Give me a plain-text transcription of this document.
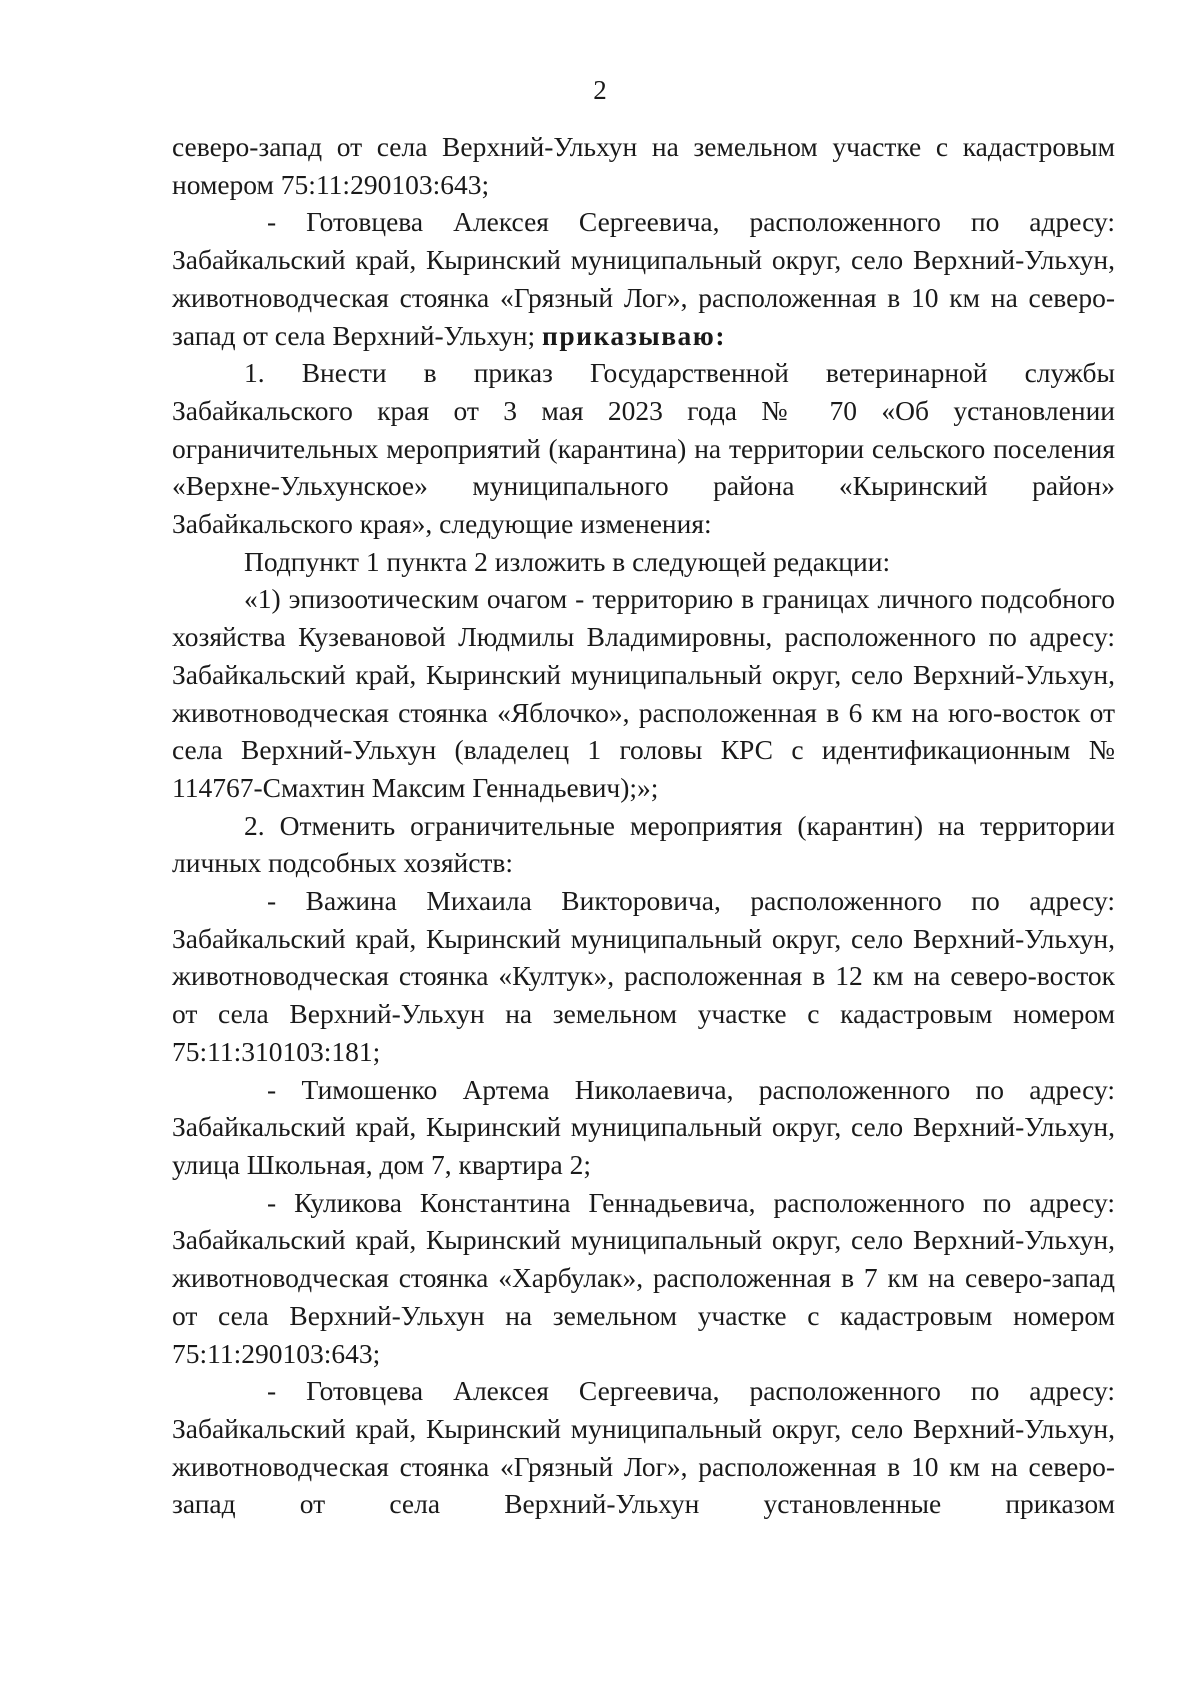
2

северо-запад от села Верхний-Ульхун на земельном участке с кадастровым номером 75:11:290103:643;

- Готовцева Алексея Сергеевича, расположенного по адресу: Забайкальский край, Кыринский муниципальный округ, село Верхний-Ульхун, животноводческая стоянка «Грязный Лог», расположенная в 10 км на северо-запад от села Верхний-Ульхун; приказываю:

1. Внести в приказ Государственной ветеринарной службы Забайкальского края от 3 мая 2023 года № 70 «Об установлении ограничительных мероприятий (карантина) на территории сельского поселения «Верхне-Ульхунское» муниципального района «Кыринский район» Забайкальского края», следующие изменения:

Подпункт 1 пункта 2 изложить в следующей редакции:

«1) эпизоотическим очагом - территорию в границах личного подсобного хозяйства Кузевановой Людмилы Владимировны, расположенного по адресу: Забайкальский край, Кыринский муниципальный округ, село Верхний-Ульхун, животноводческая стоянка «Яблочко», расположенная в 6 км на юго-восток от села Верхний-Ульхун (владелец 1 головы КРС с идентификационным № 114767-Смахтин Максим Геннадьевич);»;

2. Отменить ограничительные мероприятия (карантин) на территории личных подсобных хозяйств:

- Важина Михаила Викторовича, расположенного по адресу: Забайкальский край, Кыринский муниципальный округ, село Верхний-Ульхун, животноводческая стоянка «Култук», расположенная в 12 км на северо-восток от села Верхний-Ульхун на земельном участке с кадастровым номером 75:11:310103:181;

- Тимошенко Артема Николаевича, расположенного по адресу: Забайкальский край, Кыринский муниципальный округ, село Верхний-Ульхун, улица Школьная, дом 7, квартира 2;

- Куликова Константина Геннадьевича, расположенного по адресу: Забайкальский край, Кыринский муниципальный округ, село Верхний-Ульхун, животноводческая стоянка «Харбулак», расположенная в 7 км на северо-запад от села Верхний-Ульхун на земельном участке с кадастровым номером 75:11:290103:643;

- Готовцева Алексея Сергеевича, расположенного по адресу: Забайкальский край, Кыринский муниципальный округ, село Верхний-Ульхун, животноводческая стоянка «Грязный Лог», расположенная в 10 км на северо-запад от села Верхний-Ульхун установленные приказом
